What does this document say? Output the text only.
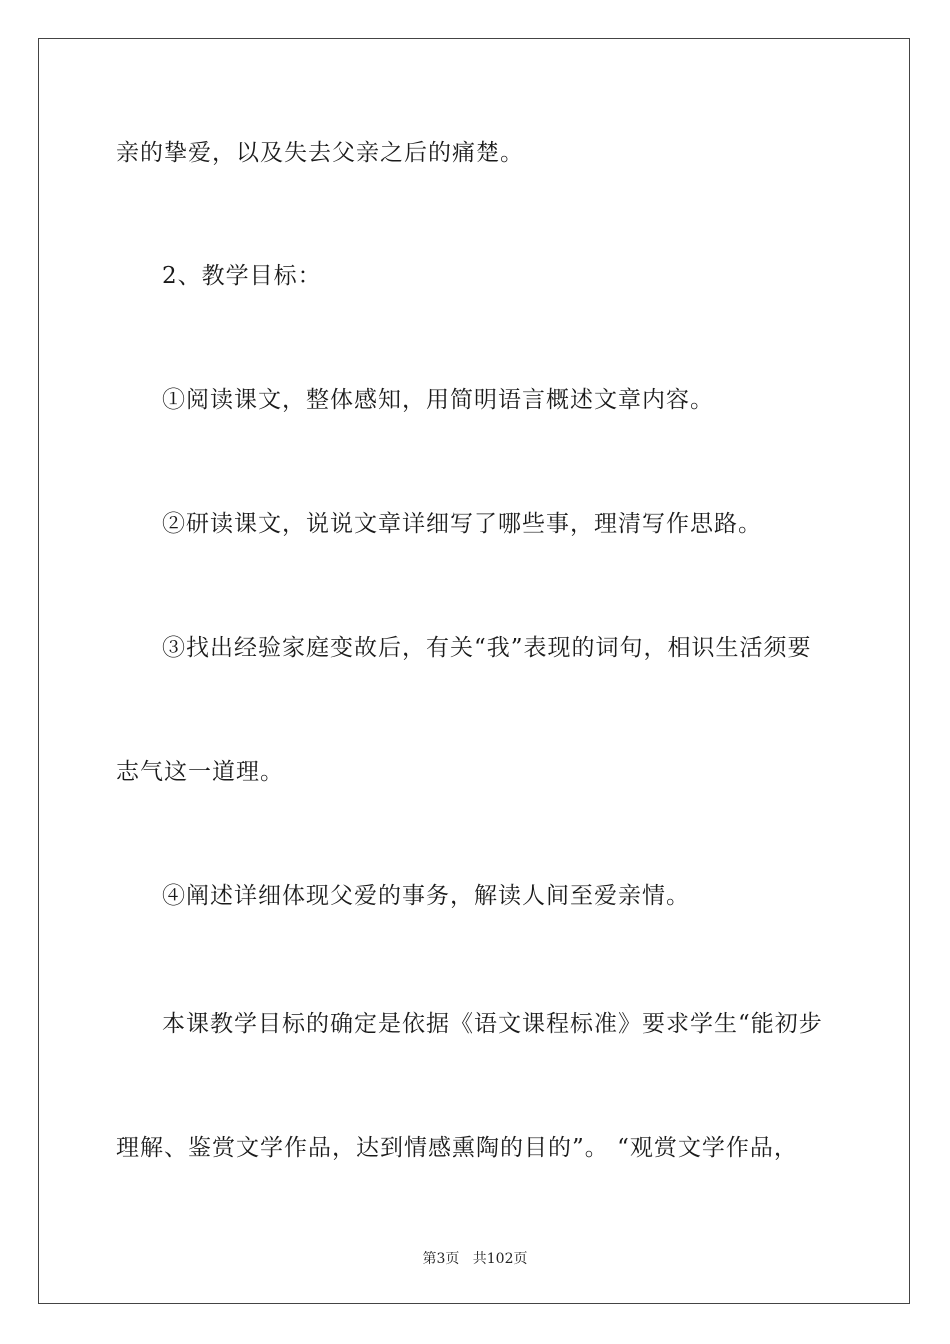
亲的挚爱，以及失去父亲之后的痛楚。
2、教学目标：
①阅读课文，整体感知，用简明语言概述文章内容。
②研读课文，说说文章详细写了哪些事，理清写作思路。
③找出经验家庭变故后，有关“我”表现的词句，相识生活须要
志气这一道理。
④阐述详细体现父爱的事务，解读人间至爱亲情。
本课教学目标的确定是依据《语文课程标准》要求学生“能初步
理解、鉴赏文学作品，达到情感熏陶的目的”。 “观赏文学作品，
第3页   共102页
